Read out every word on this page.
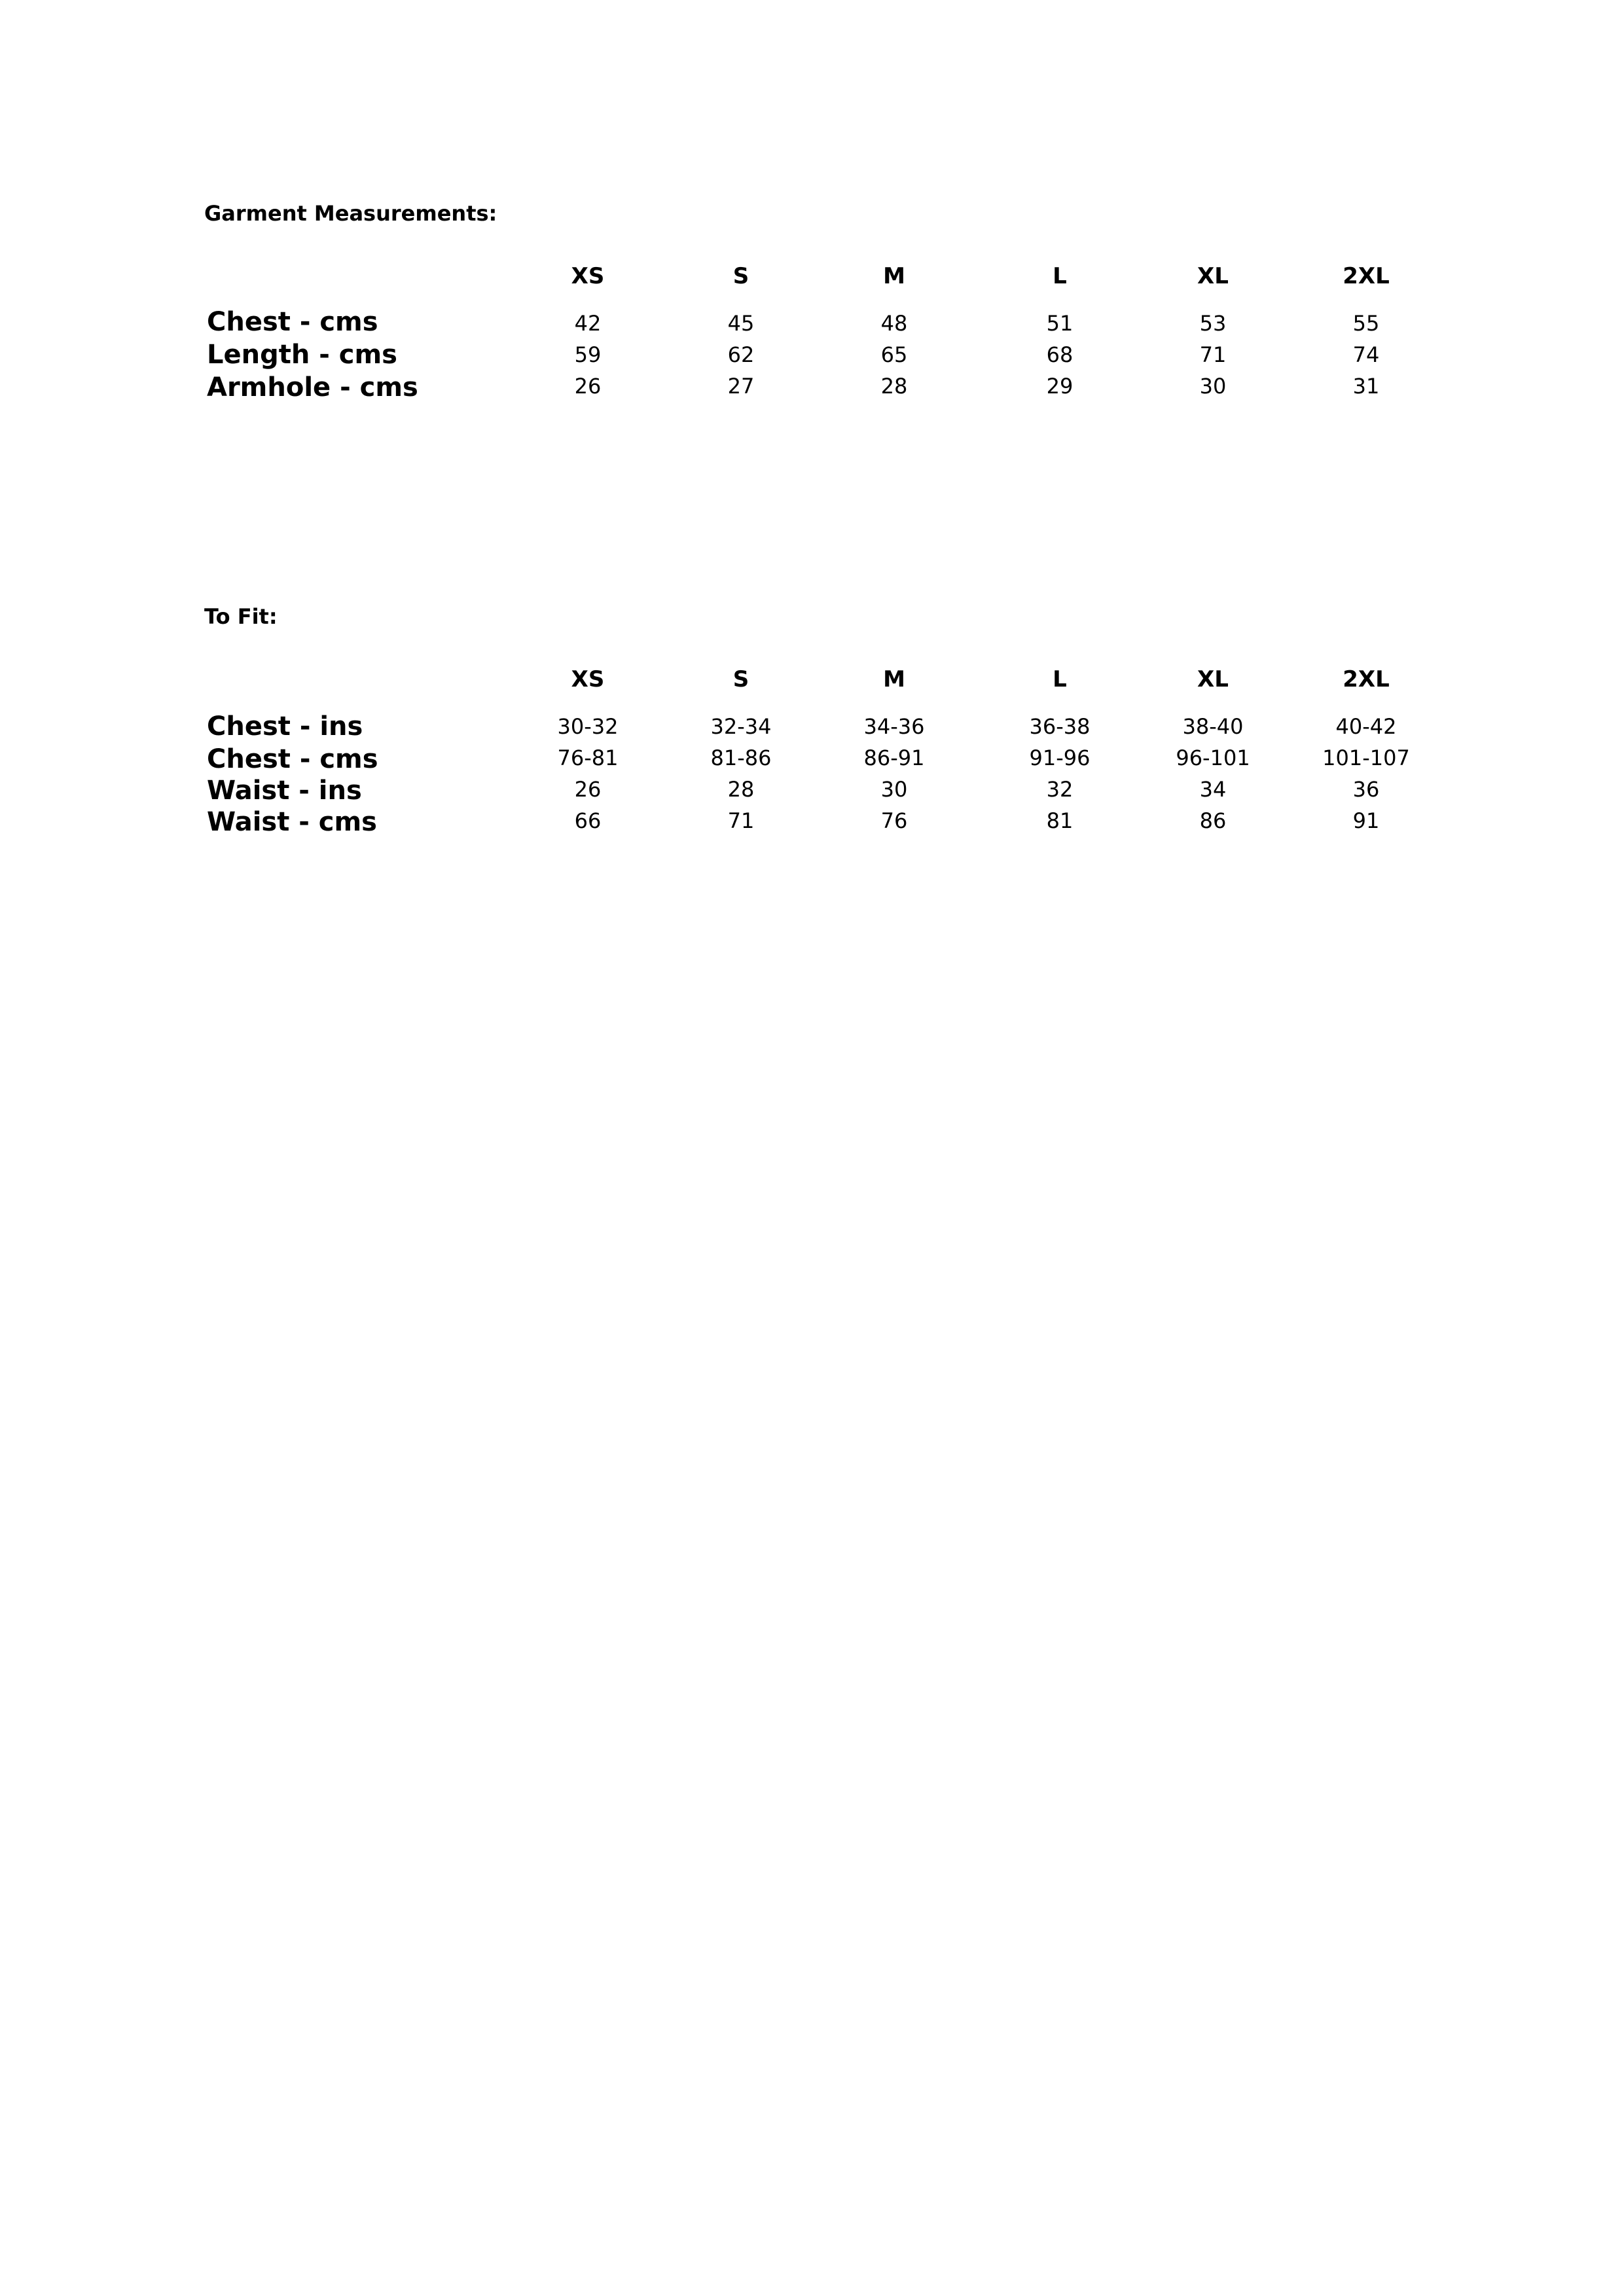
Garment Measurements:
XS	S	M	L	XL	2XL
Chest - cms	42	45	48	51	53	55
Length - cms	59	62	65	68	71	74
Armhole - cms	26	27	28	29	30	31
To Fit:
XS	S	M	L	XL	2XL
Chest - ins	30-32	32-34	34-36	36-38	38-40	40-42
Chest - cms	76-81	81-86	86-91	91-96	96-101	101-107
Waist - ins	26	28	30	32	34	36
Waist - cms	66	71	76	81	86	91
